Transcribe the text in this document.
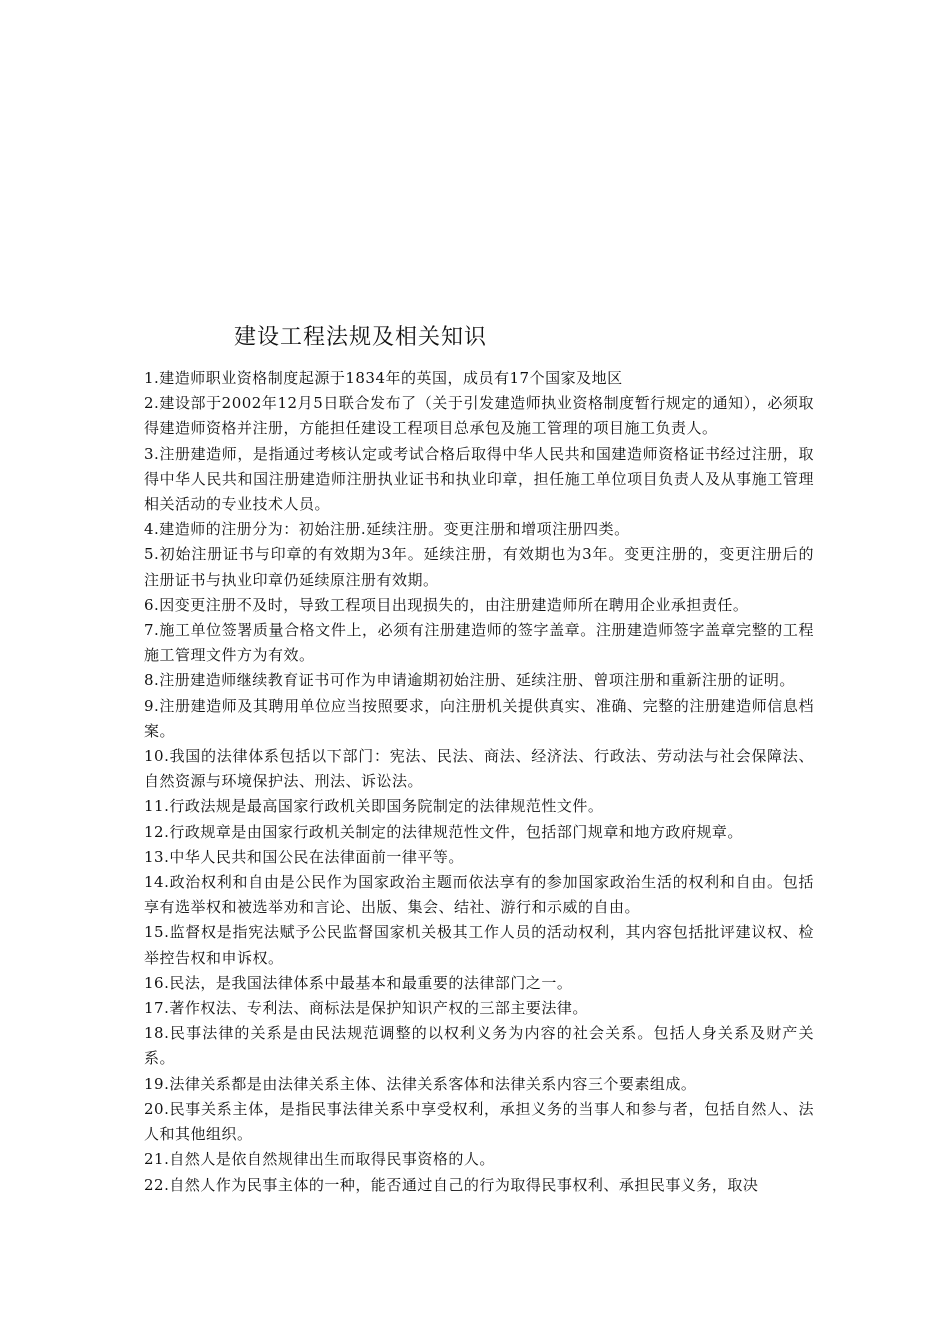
建设工程法规及相关知识

1.建造师职业资格制度起源于1834年的英国，成员有17个国家及地区

2.建设部于2002年12月5日联合发布了（关于引发建造师执业资格制度暂行规定的通知），必须取得建造师资格并注册，方能担任建设工程项目总承包及施工管理的项目施工负责人。

3.注册建造师，是指通过考核认定或考试合格后取得中华人民共和国建造师资格证书经过注册，取得中华人民共和国注册建造师注册执业证书和执业印章，担任施工单位项目负责人及从事施工管理相关活动的专业技术人员。

4.建造师的注册分为：初始注册.延续注册。变更注册和增项注册四类。

5.初始注册证书与印章的有效期为3年。延续注册，有效期也为3年。变更注册的，变更注册后的注册证书与执业印章仍延续原注册有效期。

6.因变更注册不及时，导致工程项目出现损失的，由注册建造师所在聘用企业承担责任。

7.施工单位签署质量合格文件上，必须有注册建造师的签字盖章。注册建造师签字盖章完整的工程施工管理文件方为有效。

8.注册建造师继续教育证书可作为申请逾期初始注册、延续注册、曾项注册和重新注册的证明。

9.注册建造师及其聘用单位应当按照要求，向注册机关提供真实、准确、完整的注册建造师信息档案。

10.我国的法律体系包括以下部门：宪法、民法、商法、经济法、行政法、劳动法与社会保障法、自然资源与环境保护法、刑法、诉讼法。

11.行政法规是最高国家行政机关即国务院制定的法律规范性文件。

12.行政规章是由国家行政机关制定的法律规范性文件，包括部门规章和地方政府规章。

13.中华人民共和国公民在法律面前一律平等。

14.政治权利和自由是公民作为国家政治主题而依法享有的参加国家政治生活的权利和自由。包括享有选举权和被选举劝和言论、出版、集会、结社、游行和示威的自由。

15.监督权是指宪法赋予公民监督国家机关极其工作人员的活动权利，其内容包括批评建议权、检举控告权和申诉权。

16.民法，是我国法律体系中最基本和最重要的法律部门之一。

17.著作权法、专利法、商标法是保护知识产权的三部主要法律。

18.民事法律的关系是由民法规范调整的以权利义务为内容的社会关系。包括人身关系及财产关系。

19.法律关系都是由法律关系主体、法律关系客体和法律关系内容三个要素组成。

20.民事关系主体，是指民事法律关系中享受权利，承担义务的当事人和参与者，包括自然人、法人和其他组织。

21.自然人是依自然规律出生而取得民事资格的人。

22.自然人作为民事主体的一种，能否通过自己的行为取得民事权利、承担民事义务，取决
